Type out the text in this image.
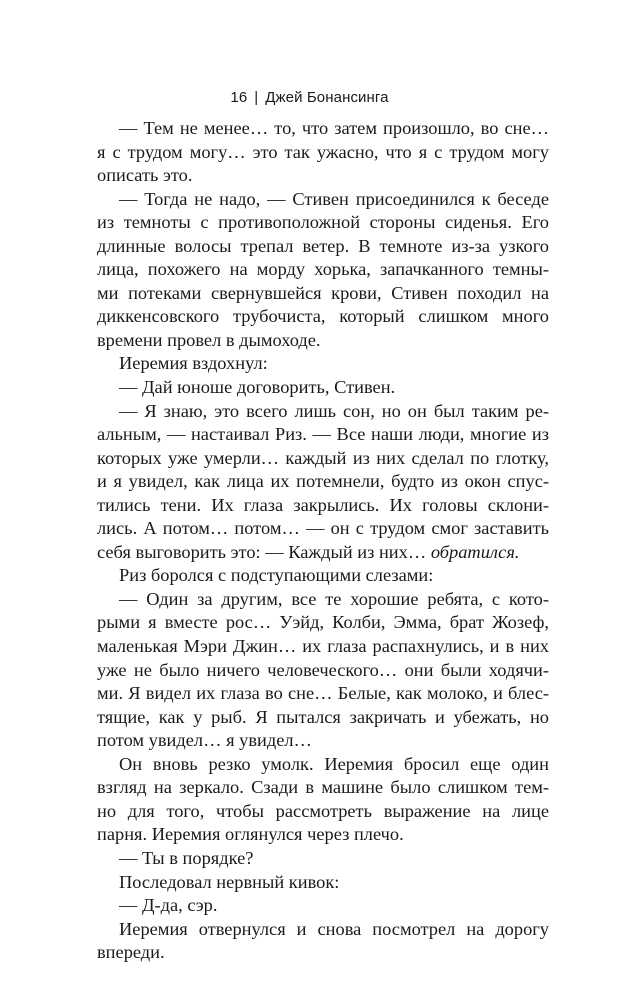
16 | Джей Бонансинга
— Тем не менее… то, что затем произошло, во сне…
я с трудом могу… это так ужасно, что я с трудом могу
описать это.
— Тогда не надо, — Стивен присоединился к беседе
из темноты с противоположной стороны сиденья. Его
длинные волосы трепал ветер. В темноте из-за узкого
лица, похожего на морду хорька, запачканного темны-
ми потеками свернувшейся крови, Стивен походил на
диккенсовского трубочиста, который слишком много
времени провел в дымоходе.
Иеремия вздохнул:
— Дай юноше договорить, Стивен.
— Я знаю, это всего лишь сон, но он был таким ре-
альным, — настаивал Риз. — Все наши люди, многие из
которых уже умерли… каждый из них сделал по глотку,
и я увидел, как лица их потемнели, будто из окон спус-
тились тени. Их глаза закрылись. Их головы склони-
лись. А потом… потом… — он с трудом смог заставить
себя выговорить это: — Каждый из них… обратился.
Риз боролся с подступающими слезами:
— Один за другим, все те хорошие ребята, с кото-
рыми я вместе рос… Уэйд, Колби, Эмма, брат Жозеф,
маленькая Мэри Джин… их глаза распахнулись, и в них
уже не было ничего человеческого… они были ходячи-
ми. Я видел их глаза во сне… Белые, как молоко, и блес-
тящие, как у рыб. Я пытался закричать и убежать, но
потом увидел… я увидел…
Он вновь резко умолк. Иеремия бросил еще один
взгляд на зеркало. Сзади в машине было слишком тем-
но для того, чтобы рассмотреть выражение на лице
парня. Иеремия оглянулся через плечо.
— Ты в порядке?
Последовал нервный кивок:
— Д-да, сэр.
Иеремия отвернулся и снова посмотрел на дорогу
впереди.
